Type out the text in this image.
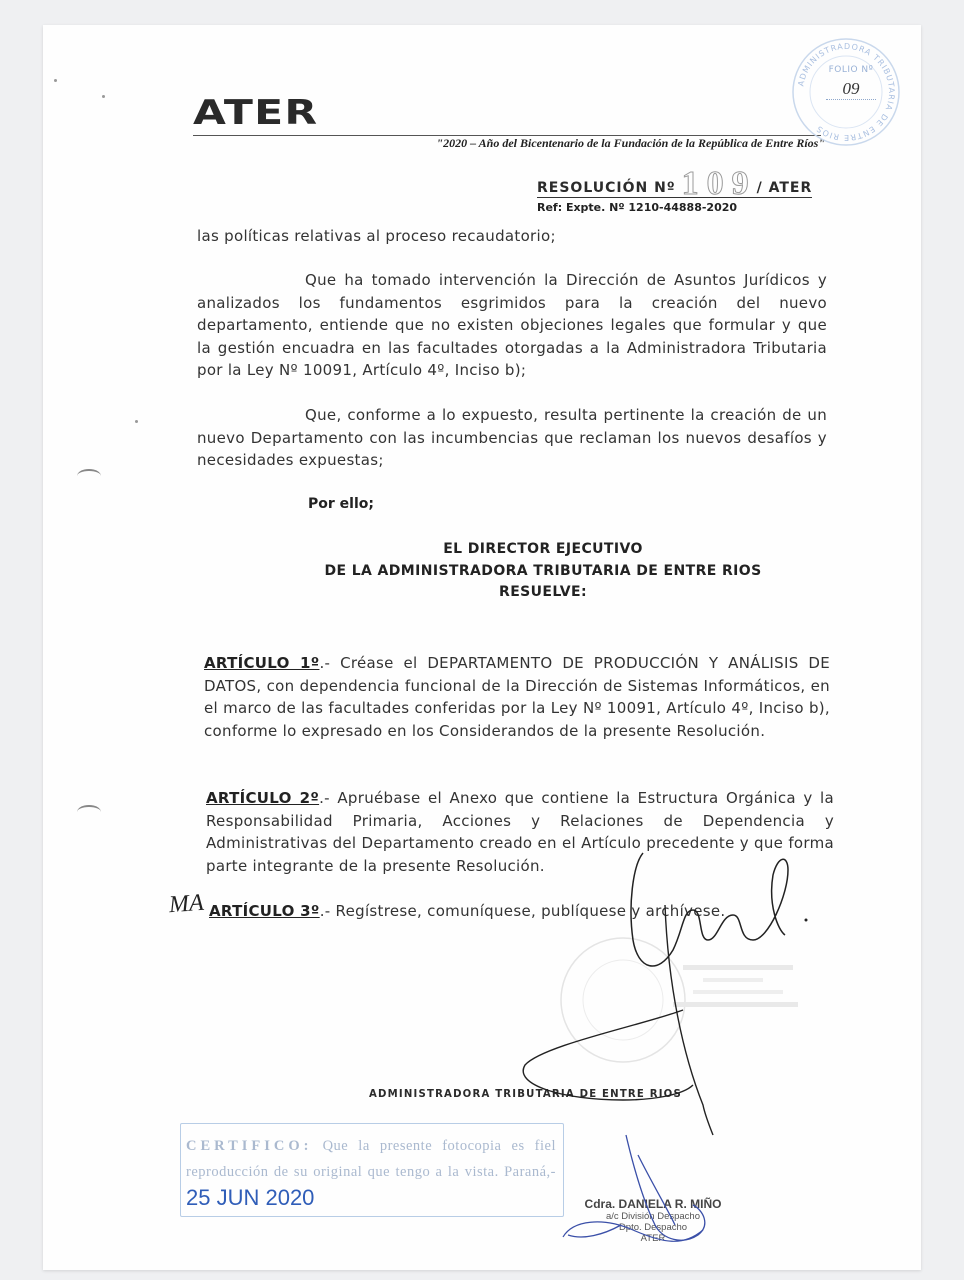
ATER
"2020 – Año del Bicentenario de la Fundación de la República de Entre Ríos"
ADMINISTRADORA TRIBUTARIA DE ENTRE RIOS
FOLIO Nº
09
RESOLUCIÓN Nº 109/ ATER
Ref: Expte. Nº 1210-44888-2020
las políticas relativas al proceso recaudatorio;
Que ha tomado intervención la Dirección de Asuntos Jurídicos y analizados los fundamentos esgrimidos para la creación del nuevo departamento, entiende que no existen objeciones legales que formular y que la gestión encuadra en las facultades otorgadas a la Administradora Tributaria por la Ley Nº 10091, Artículo 4º, Inciso b);
Que, conforme a lo expuesto, resulta pertinente la creación de un nuevo Departamento con las incumbencias que reclaman los nuevos desafíos y necesidades expuestas;
Por ello;
EL DIRECTOR EJECUTIVO
DE LA ADMINISTRADORA TRIBUTARIA DE ENTRE RIOS
RESUELVE:
ARTÍCULO 1º.- Créase el DEPARTAMENTO DE PRODUCCIÓN Y ANÁLISIS DE DATOS, con dependencia funcional de la Dirección de Sistemas Informáticos, en el marco de las facultades conferidas por la Ley Nº 10091, Artículo 4º, Inciso b), conforme lo expresado en los Considerandos de la presente Resolución.
ARTÍCULO 2º.- Apruébase el Anexo que contiene la Estructura Orgánica y la Responsabilidad Primaria, Acciones y Relaciones de Dependencia y Administrativas del Departamento creado en el Artículo precedente y que forma parte integrante de la presente Resolución.
MA ARTÍCULO 3º.- Regístrese, comuníquese, publíquese y archívese.
ADMINISTRADORA TRIBUTARIA DE ENTRE RIOS
CERTIFICO: Que la presente fotocopia es fiel reproducción de su original que tengo a la vista. Paraná,- 25 JUN 2020	Cdra. DANIELA R. MIÑO
a/c División Despacho
Dpto. Despacho
ATER
